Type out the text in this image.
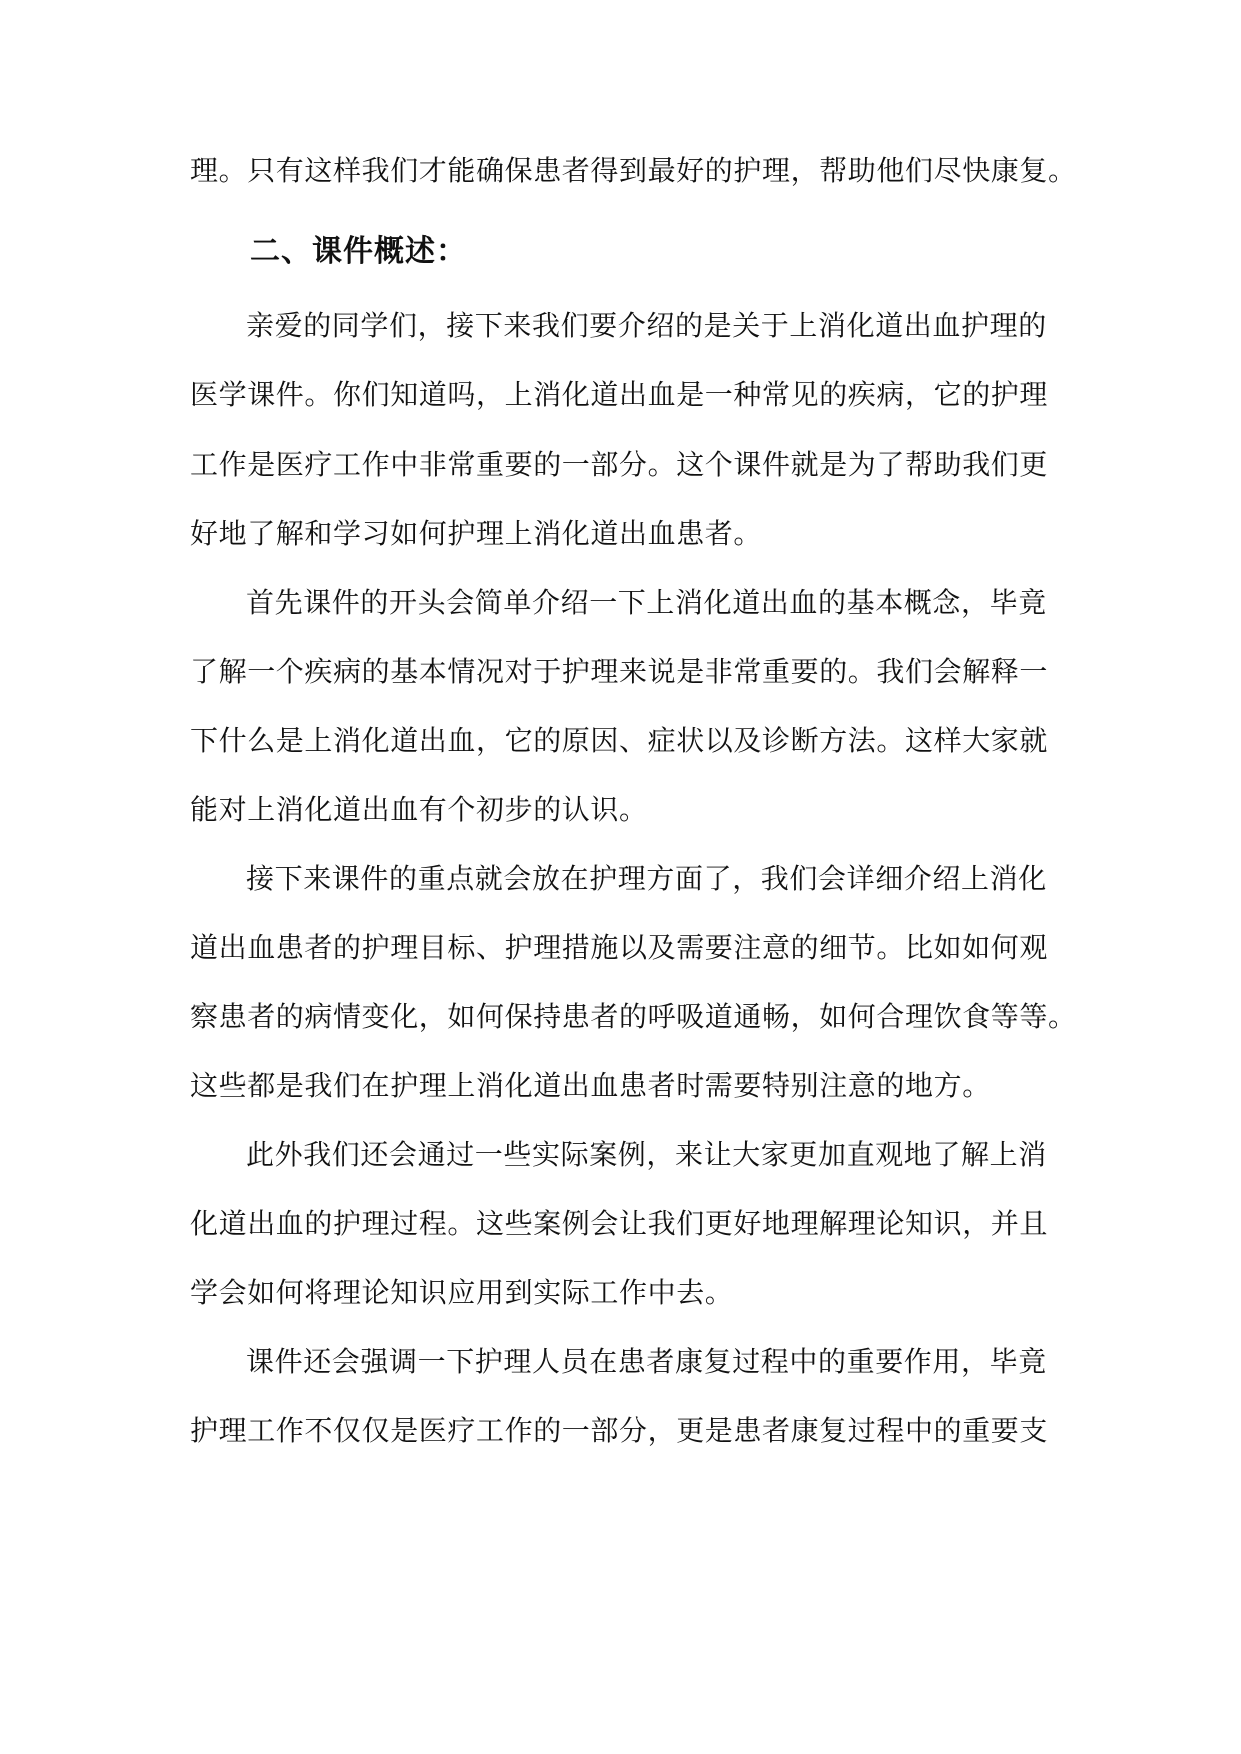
理。只有这样我们才能确保患者得到最好的护理，帮助他们尽快康复。
二、课件概述：
亲爱的同学们，接下来我们要介绍的是关于上消化道出血护理的
医学课件。你们知道吗，上消化道出血是一种常见的疾病，它的护理
工作是医疗工作中非常重要的一部分。这个课件就是为了帮助我们更
好地了解和学习如何护理上消化道出血患者。
首先课件的开头会简单介绍一下上消化道出血的基本概念，毕竟
了解一个疾病的基本情况对于护理来说是非常重要的。我们会解释一
下什么是上消化道出血，它的原因、症状以及诊断方法。这样大家就
能对上消化道出血有个初步的认识。
接下来课件的重点就会放在护理方面了，我们会详细介绍上消化
道出血患者的护理目标、护理措施以及需要注意的细节。比如如何观
察患者的病情变化，如何保持患者的呼吸道通畅，如何合理饮食等等。
这些都是我们在护理上消化道出血患者时需要特别注意的地方。
此外我们还会通过一些实际案例，来让大家更加直观地了解上消
化道出血的护理过程。这些案例会让我们更好地理解理论知识，并且
学会如何将理论知识应用到实际工作中去。
课件还会强调一下护理人员在患者康复过程中的重要作用，毕竟
护理工作不仅仅是医疗工作的一部分，更是患者康复过程中的重要支
